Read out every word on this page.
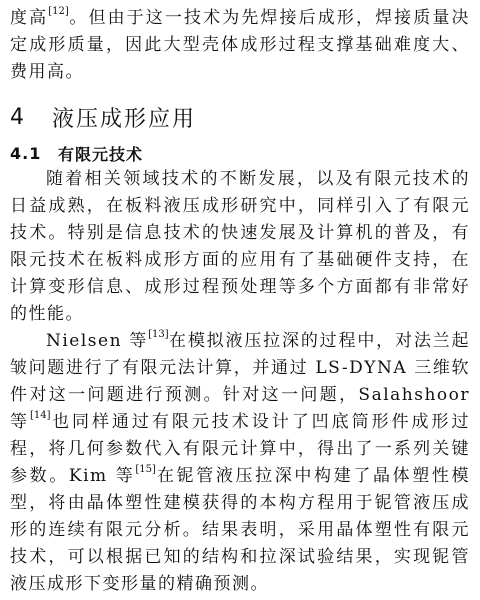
度高[12]。但由于这一技术为先焊接后成形，焊接质量决定成形质量，因此大型壳体成形过程支撑基础难度大、费用高。

4	液压成形应用
4.1	有限元技术

随着相关领域技术的不断发展，以及有限元技术的日益成熟，在板料液压成形研究中，同样引入了有限元技术。特别是信息技术的快速发展及计算机的普及，有限元技术在板料成形方面的应用有了基础硬件支持，在计算变形信息、成形过程预处理等多个方面都有非常好的性能。

Nielsen 等[13]在模拟液压拉深的过程中，对法兰起皱问题进行了有限元法计算，并通过 LS-DYNA 三维软件对这一问题进行预测。针对这一问题，Salahshoor 等[14]也同样通过有限元技术设计了凹底筒形件成形过程，将几何参数代入有限元计算中，得出了一系列关键参数。Kim 等[15]在铌管液压拉深中构建了晶体塑性模型，将由晶体塑性建模获得的本构方程用于铌管液压成形的连续有限元分析。结果表明，采用晶体塑性有限元技术，可以根据已知的结构和拉深试验结果，实现铌管液压成形下变形量的精确预测。
